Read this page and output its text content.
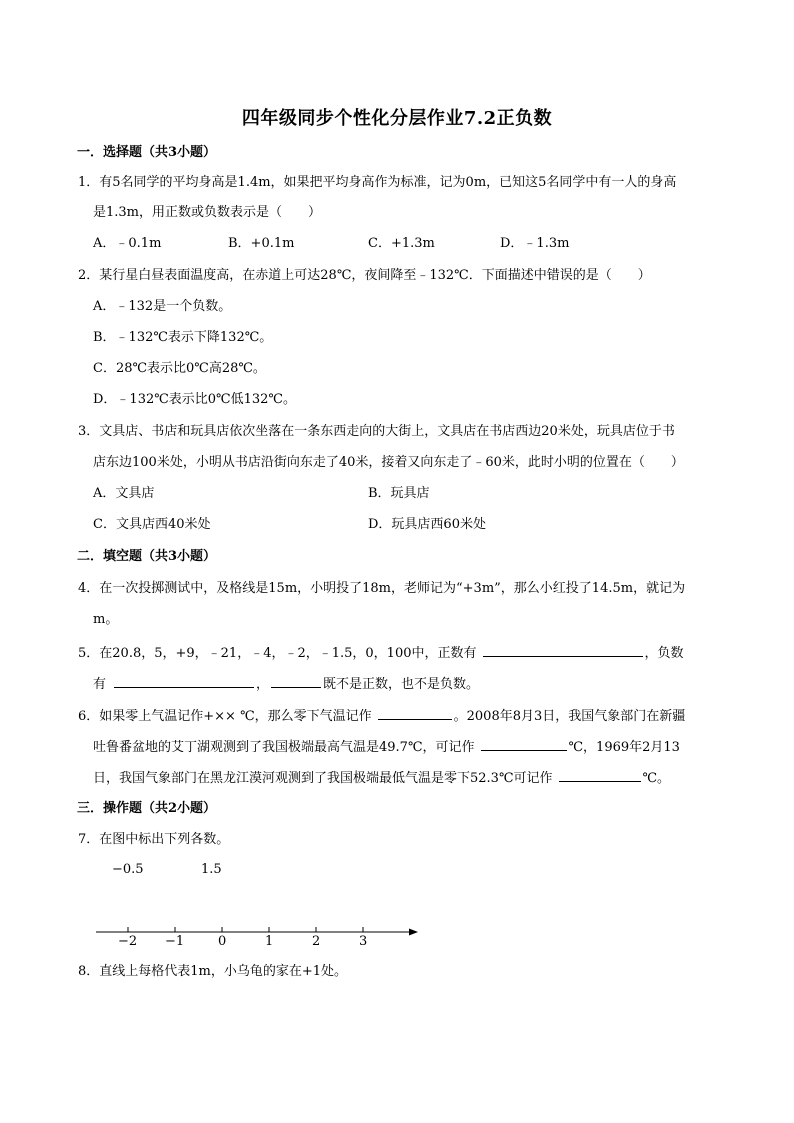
四年级同步个性化分层作业7.2正负数
一．选择题（共3小题）
1．有5名同学的平均身高是1.4m，如果把平均身高作为标准，记为0m，已知这5名同学中有一人的身高
是1.3m，用正数或负数表示是（　　）
A．﹣0.1m	B．+0.1m	C．+1.3m	D．﹣1.3m
2．某行星白昼表面温度高，在赤道上可达28℃，夜间降至﹣132℃．下面描述中错误的是（　　）
A．﹣132是一个负数。
B．﹣132℃表示下降132℃。
C．28℃表示比0℃高28℃。
D．﹣132℃表示比0℃低132℃。
3．文具店、书店和玩具店依次坐落在一条东西走向的大街上，文具店在书店西边20米处，玩具店位于书
店东边100米处，小明从书店沿街向东走了40米，接着又向东走了﹣60米，此时小明的位置在（　　）
A．文具店	B．玩具店
C．文具店西40米处	D．玩具店西60米处
二．填空题（共3小题）
4．在一次投掷测试中，及格线是15m，小明投了18m，老师记为“+3m”，那么小红投了14.5m，就记为
m。
5．在20.8，5，+9，﹣21，﹣4，﹣2，﹣1.5，0，100中，正数有	，负数
有	，	既不是正数，也不是负数。
6．如果零上气温记作+×× ℃，那么零下气温记作	。2008年8月3日，我国气象部门在新疆
吐鲁番盆地的艾丁湖观测到了我国极端最高气温是49.7℃，可记作	℃，1969年2月13
日，我国气象部门在黑龙江漠河观测到了我国极端最低气温是零下52.3℃可记作	℃。
三．操作题（共2小题）
7．在图中标出下列各数。
−0.5	1.5
−2 −1	0	1	2	3
8．直线上每格代表1m，小乌龟的家在+1处。
